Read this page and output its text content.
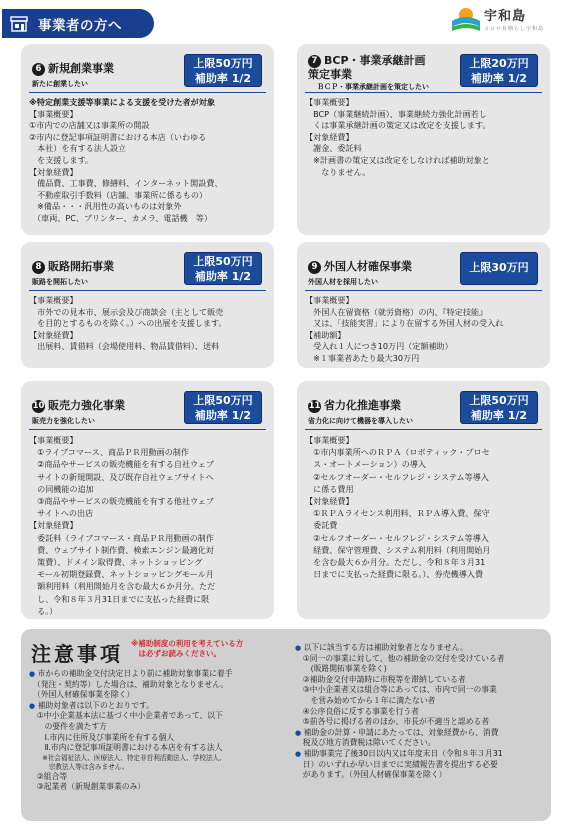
事業者の方へ
宇和島
ココロ見晴らし宇和島
6 新規創業事業
新たに創業したい
上限50万円
補助率 1/2

※特定創業支援等事業による支援を受けた者が対象

【事業概要】

①市内での店舗又は事業所の開設

②市内に登記事項証明書における本店（いわゆる

　本社）を有する法人設立

　を支援します。

【対象経費】

　備品費、工事費、修繕料、インターネット開設費、

　不動産取引手数料（店舗、事業所に係るもの）

　※備品・・・汎用性の高いものは対象外

　（車両、PC、プリンター、カメラ、電話機　等）

7 BCP・事業承継計画
策定事業
ＢＣＰ・事業承継計画を策定したい
上限20万円
補助率 1/2

【事業概要】

　BCP（事業継続計画）、事業継続力強化計画若し

　くは事業承継計画の策定又は改定を支援します。

【対象経費】

　謝金、委託料

　※計画書の策定又は改定をしなければ補助対象と

　　なりません。

8 販路開拓事業
販路を開拓したい
上限50万円
補助率 1/2

【事業概要】

　市外での見本市、展示会及び商談会（主として販売

　を目的とするものを除く。）への出展を支援します。

【対象経費】

　出展料、賃借料（会場使用料、物品賃借料）、送料

9 外国人材確保事業
外国人材を採用したい
上限30万円

【事業概要】

　外国人在留資格（就労資格）の内、『特定技能』

　又は、「技能実習」により在留する外国人材の受入れ

【補助額】

　受入れ１人につき10万円（定額補助）

　※１事業者あたり最大30万円

10 販売力強化事業
販売力を強化したい
上限50万円
補助率 1/2

【事業概要】

　①ライブコマース、商品ＰＲ用動画の制作

　②商品やサービスの販売機能を有する自社ウェブ

　サイトの新規開設、及び既存自社ウェブサイトへ

　の同機能の追加

　③商品やサービスの販売機能を有する他社ウェブ

　サイトへの出店

【対象経費】

　委託料（ライブコマース・商品ＰＲ用動画の制作

　費、ウェブサイト制作費、検索エンジン最適化対

　策費）、ドメイン取得費、ネットショッピング

　モール初期登録費、ネットショッピングモール月

　額利用料（利用開始月を含む最大６か月分。ただ

　し、令和８年３月31日までに支払った経費に限

　る。）

11 省力化推進事業
省力化に向けて機器を導入したい
上限50万円
補助率 1/2

【事業概要】

　①市内事業所へのＲＰＡ（ロボティック・プロセ

　ス・オートメーション）の導入

　②セルフオーダー・セルフレジ・システム等導入

　に係る費用

【対象経費】

　①ＲＰＡライセンス利用料、ＲＰＡ導入費、保守

　委託費

　②セルフオーダー・セルフレジ・システム等導入

　経費、保守管理費、システム利用料（利用開始月

　を含む最大６か月分。ただし、令和８年３月31

　日までに支払った経費に限る。）、券売機導入費

注意事項 ※補助制度の利用を考えている方

　は必ずお読みください。

● 市からの補助金交付決定日より前に補助対象事業に着手

　（発注・契約等）した場合は、補助対象となりません。

　（外国人材確保事業を除く）

● 補助対象者は以下のとおりです。

　①中小企業基本法に基づく中小企業者であって、以下

　　の要件を満たす方

　　Ⅰ.市内に住所及び事業所を有する個人

　　Ⅱ.市内に登記事項証明書における本店を有する法人

　　※社会福祉法人、医療法人、特定非営利活動法人、学校法人、

　　　宗教法人等は含みません。

　②組合等

　③起業者（新規創業事業のみ）

● 以下に該当する方は補助対象者となりません。

　①同一の事業に対して、他の補助金の交付を受けている者

　　(販路開拓事業を除く)

　②補助金交付申請時に市税等を滞納している者

　③中小企業者又は組合等にあっては、市内で同一の事業

　　を営み始めてから１年に満たない者

　④公序良俗に反する事業を行う者

　⑤前各号に掲げる者のほか、市長が不適当と認める者

● 補助金の計算・申請にあたっては、対象経費から、消費

　税及び地方消費税は除いてください。

● 補助事業完了後30日以内又は年度末日（令和８年３月31

　日）のいずれか早い日までに実績報告書を提出する必要

　があります。（外国人材確保事業を除く）
